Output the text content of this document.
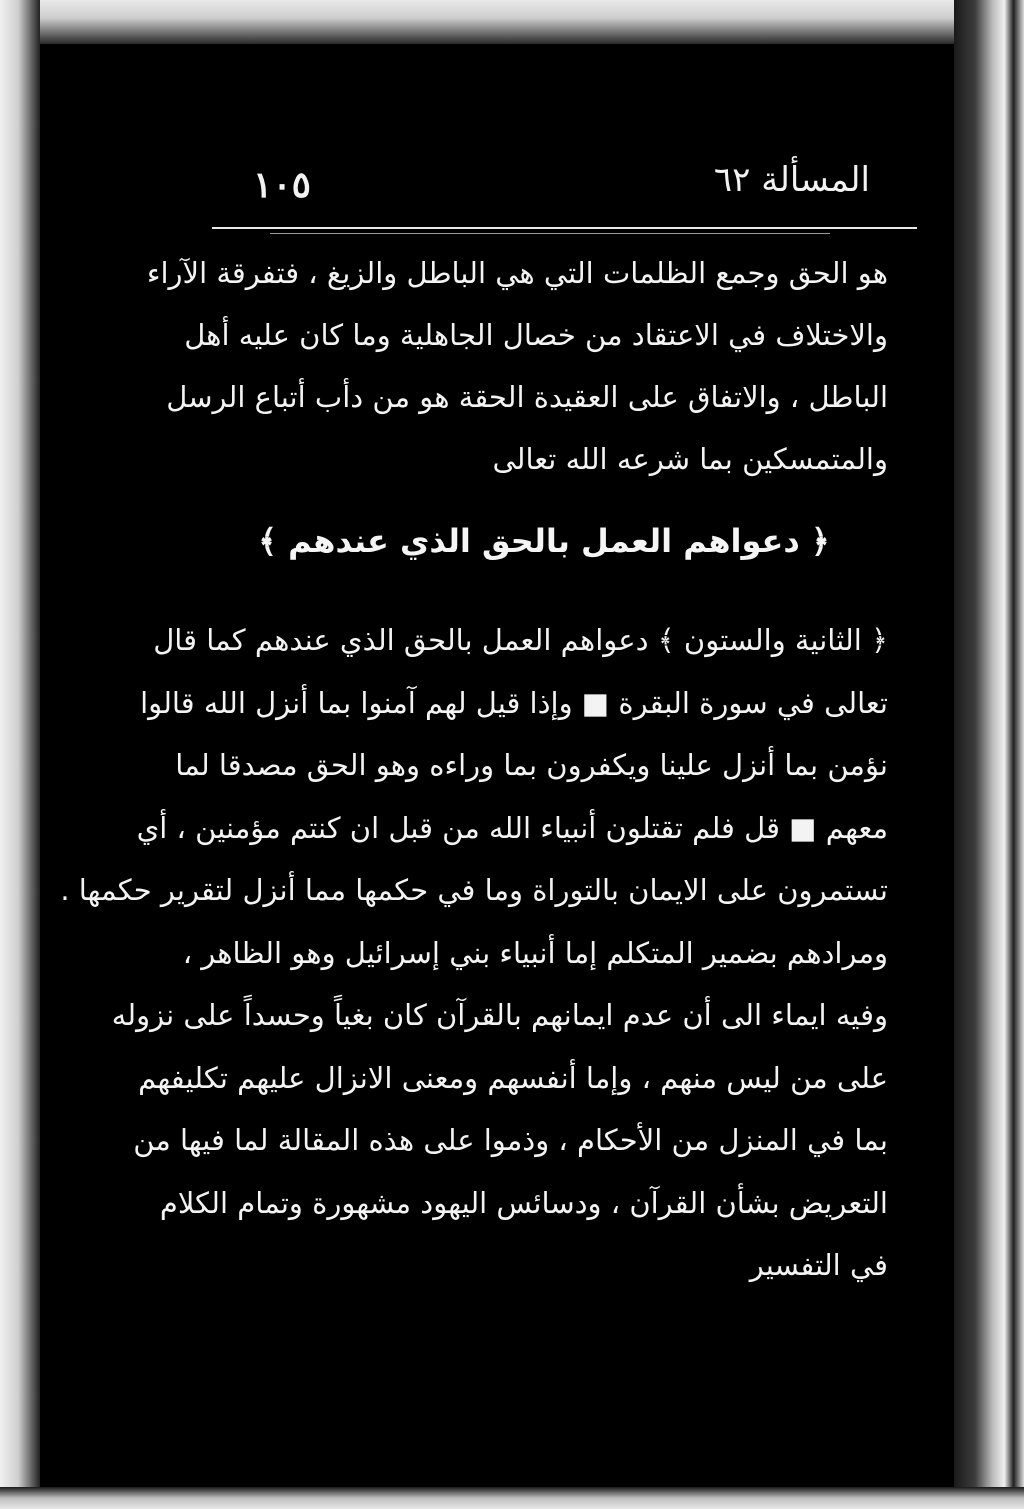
١٠٥	المسألة ٦٢
هو الحق وجمع الظلمات التي هي الباطل والزيغ ، فتفرقة الآراء
والاختلاف في الاعتقاد من خصال الجاهلية وما كان عليه أهل
الباطل ، والاتفاق على العقيدة الحقة هو من دأب أتباع الرسل
والمتمسكين بما شرعه الله تعالى
﴿ دعواهم العمل بالحق الذي عندهم ﴾
﴿ الثانية والستون ﴾ دعواهم العمل بالحق الذي عندهم كما قال
تعالى في سورة البقرة ■ وإذا قيل لهم آمنوا بما أنزل الله قالوا
نؤمن بما أنزل علينا ويكفرون بما وراءه وهو الحق مصدقا لما
معهم ■ قل فلم تقتلون أنبياء الله من قبل ان كنتم مؤمنين ، أي
تستمرون على الايمان بالتوراة وما في حكمها مما أنزل لتقرير حكمها .
ومرادهم بضمير المتكلم إما أنبياء بني إسرائيل وهو الظاهر ،
وفيه ايماء الى أن عدم ايمانهم بالقرآن كان بغياً وحسداً على نزوله
على من ليس منهم ، وإما أنفسهم ومعنى الانزال عليهم تكليفهم
بما في المنزل من الأحكام ، وذموا على هذه المقالة لما فيها من
التعريض بشأن القرآن ، ودسائس اليهود مشهورة وتمام الكلام
في التفسير
